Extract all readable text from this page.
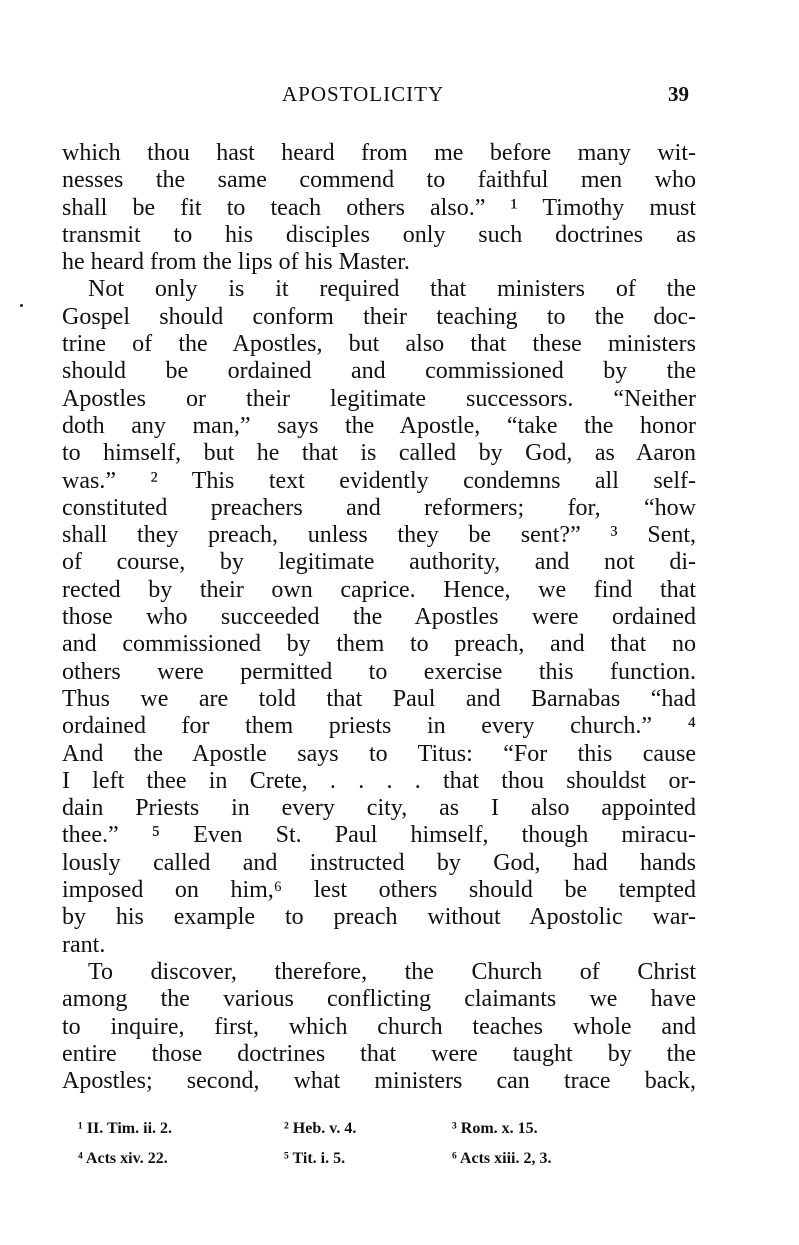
APOSTOLICITY	39

which thou hast heard from me before many wit-
nesses the same commend to faithful men who
shall be fit to teach others also.” ¹ Timothy must
transmit to his disciples only such doctrines as
he heard from the lips of his Master.

Not only is it required that ministers of the
Gospel should conform their teaching to the doc-
trine of the Apostles, but also that these ministers
should be ordained and commissioned by the
Apostles or their legitimate successors. “Neither
doth any man,” says the Apostle, “take the honor
to himself, but he that is called by God, as Aaron
was.” ² This text evidently condemns all self-
constituted preachers and reformers; for, “how
shall they preach, unless they be sent?” ³ Sent,
of course, by legitimate authority, and not di-
rected by their own caprice. Hence, we find that
those who succeeded the Apostles were ordained
and commissioned by them to preach, and that no
others were permitted to exercise this function.
Thus we are told that Paul and Barnabas “had
ordained for them priests in every church.” ⁴
And the Apostle says to Titus: “For this cause
I left thee in Crete, . . . . that thou shouldst or-
dain Priests in every city, as I also appointed
thee.” ⁵ Even St. Paul himself, though miracu-
lously called and instructed by God, had hands
imposed on him,⁶ lest others should be tempted
by his example to preach without Apostolic war-
rant.

To discover, therefore, the Church of Christ
among the various conflicting claimants we have
to inquire, first, which church teaches whole and
entire those doctrines that were taught by the
Apostles; second, what ministers can trace back,

¹ II. Tim. ii. 2.	² Heb. v. 4.	³ Rom. x. 15.
⁴ Acts xiv. 22.	⁵ Tit. i. 5.	⁶ Acts xiii. 2, 3.
